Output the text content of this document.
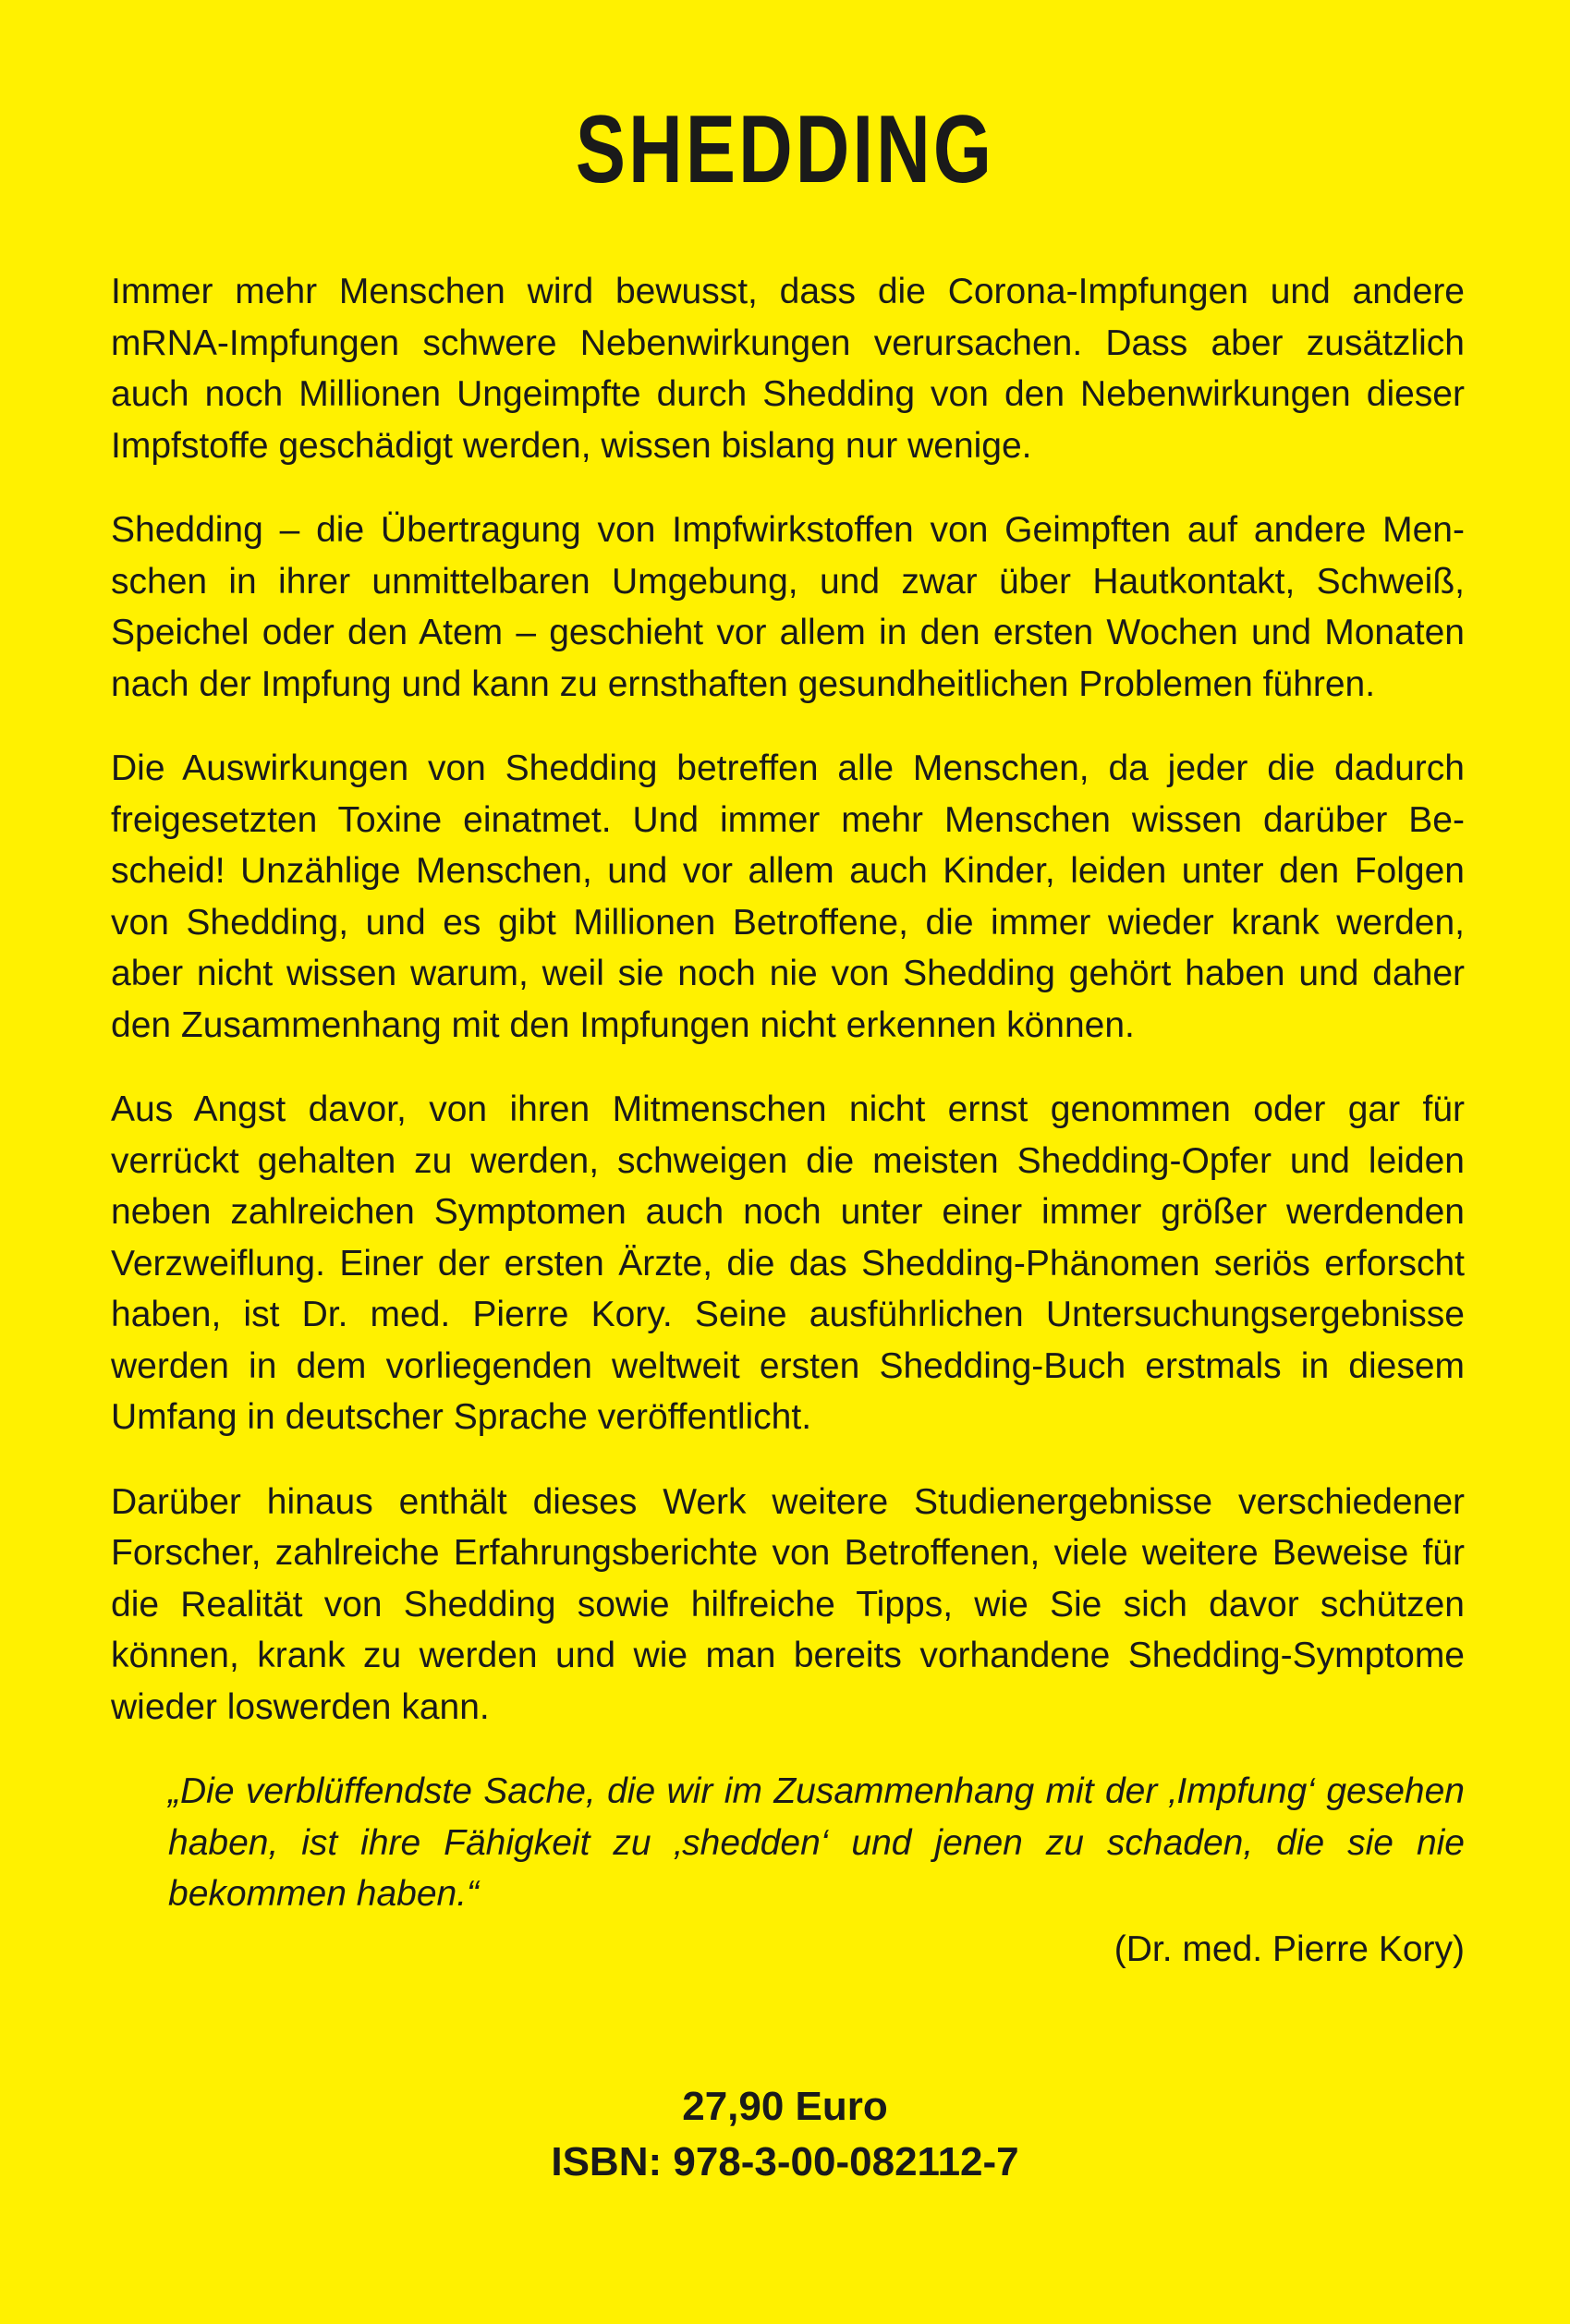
SHEDDING

Immer mehr Menschen wird bewusst, dass die Corona-Impfungen und andere mRNA-Impfungen schwere Nebenwirkungen verursachen. Dass aber zusätzlich auch noch Millionen Ungeimpfte durch Shedding von den Nebenwirkungen dieser Impfstoffe geschädigt werden, wissen bislang nur wenige.

Shedding – die Übertragung von Impfwirkstoffen von Geimpften auf andere Menschen in ihrer unmittelbaren Umgebung, und zwar über Hautkontakt, Schweiß, Speichel oder den Atem – geschieht vor allem in den ersten Wochen und Monaten nach der Impfung und kann zu ernsthaften gesundheitlichen Problemen führen.

Die Auswirkungen von Shedding betreffen alle Menschen, da jeder die dadurch freigesetzten Toxine einatmet. Und immer mehr Menschen wissen darüber Bescheid! Unzählige Menschen, und vor allem auch Kinder, leiden unter den Folgen von Shedding, und es gibt Millionen Betroffene, die immer wieder krank werden, aber nicht wissen warum, weil sie noch nie von Shedding gehört haben und daher den Zusammenhang mit den Impfungen nicht erkennen können.

Aus Angst davor, von ihren Mitmenschen nicht ernst genommen oder gar für verrückt gehalten zu werden, schweigen die meisten Shedding-Opfer und leiden neben zahlreichen Symptomen auch noch unter einer immer größer werdenden Verzweiflung. Einer der ersten Ärzte, die das Shedding-Phänomen seriös erforscht haben, ist Dr. med. Pierre Kory. Seine ausführlichen Untersuchungsergebnisse werden in dem vorliegenden weltweit ersten Shedding-Buch erstmals in diesem Umfang in deutscher Sprache veröffentlicht.

Darüber hinaus enthält dieses Werk weitere Studienergebnisse verschiedener Forscher, zahlreiche Erfahrungsberichte von Betroffenen, viele weitere Beweise für die Realität von Shedding sowie hilfreiche Tipps, wie Sie sich davor schützen können, krank zu werden und wie man bereits vorhandene Shedding-Symptome wieder loswerden kann.

„Die verblüffendste Sache, die wir im Zusammenhang mit der ‚Impfung‘ gesehen haben, ist ihre Fähigkeit zu ‚shedden‘ und jenen zu schaden, die sie nie bekommen haben.“

(Dr. med. Pierre Kory)

27,90 Euro

ISBN: 978-3-00-082112-7
